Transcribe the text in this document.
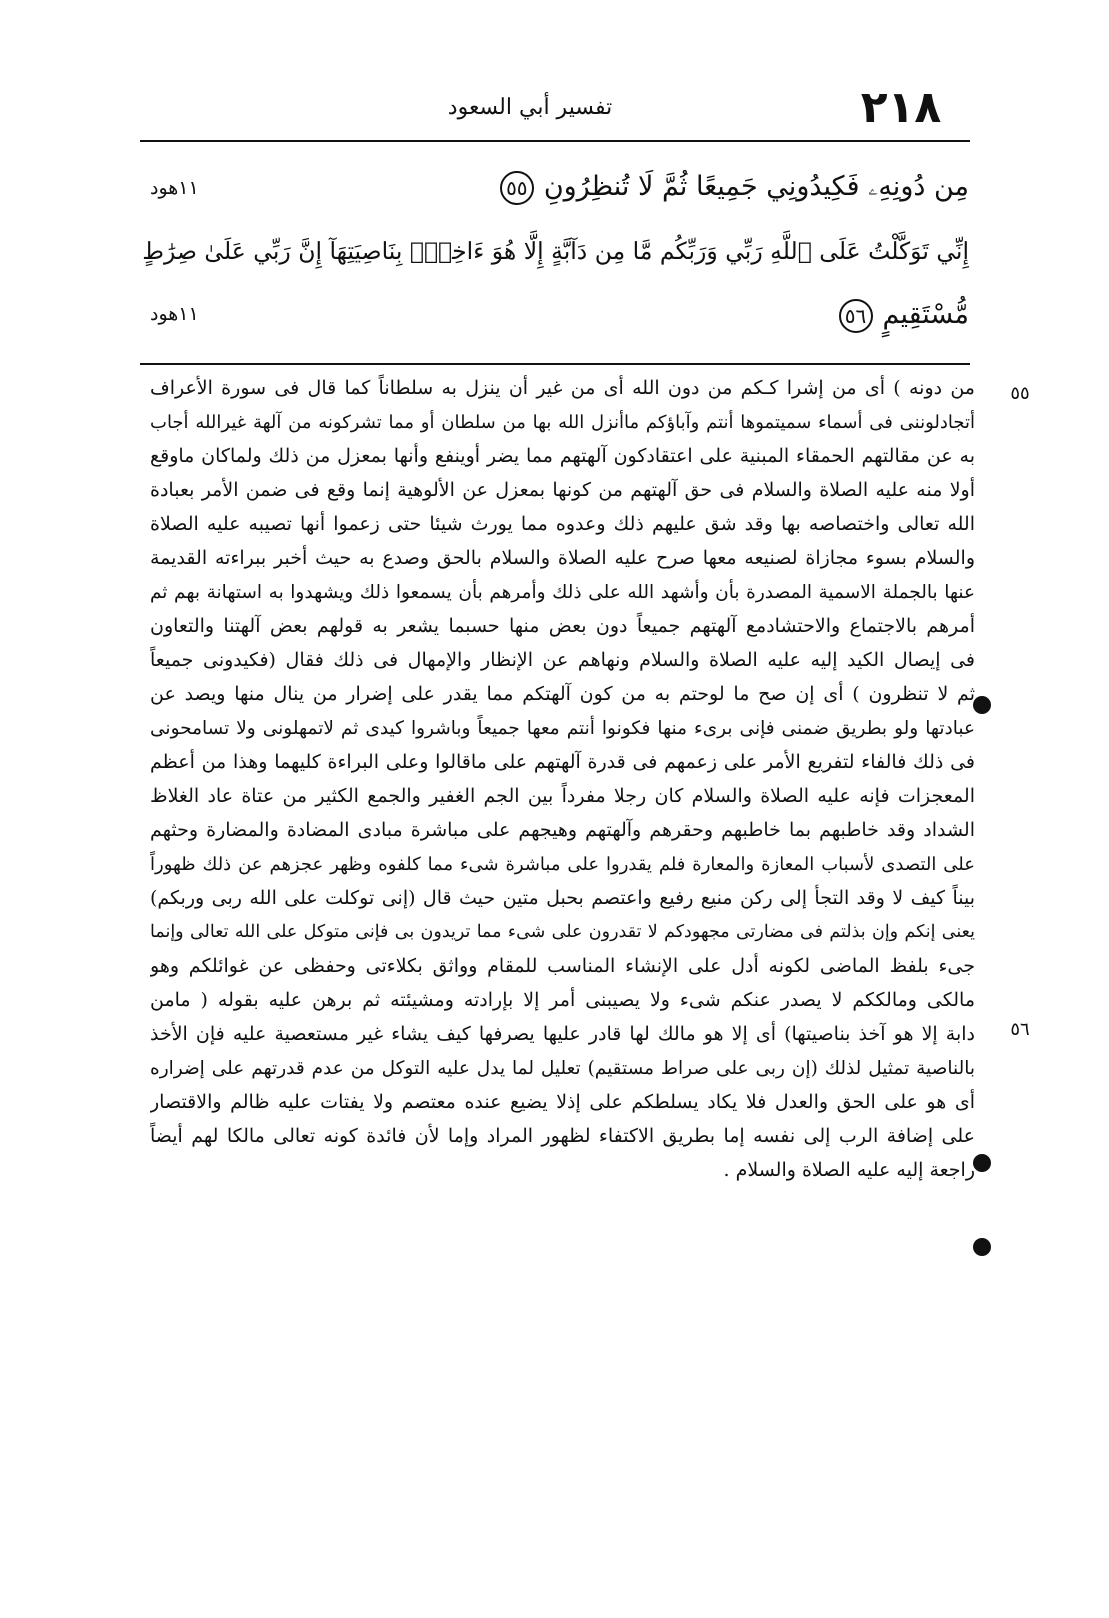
٢١٨
تفسير أبي السعود
مِن دُونِهِۦ فَكِيدُونِي جَمِيعًا ثُمَّ لَا تُنظِرُونِ٥٥
١١هود
إِنِّي تَوَكَّلْتُ عَلَى ٱللَّهِ رَبِّي وَرَبِّكُم مَّا مِن دَآبَّةٍ إِلَّا هُوَ ءَاخِذٌۢ بِنَاصِيَتِهَآ إِنَّ رَبِّي عَلَىٰ صِرَٰطٍ
مُّسْتَقِيمٍ٥٦
١١هود
٥٥
٥٦
من دونه ) أى من إشرا كـكم من دون الله أى من غير أن ينزل به سلطاناً كما قال فى سورة الأعراف
أتجادلوننى فى أسماء سميتموها أنتم وآباؤكم ماأنزل الله بها من سلطان أو مما تشركونه من آلهة غيرالله أجاب
به عن مقالتهم الحمقاء المبنية على اعتقادكون آلهتهم مما يضر أوينفع وأنها بمعزل من ذلك ولماكان ماوقع
أولا منه عليه الصلاة والسلام فى حق آلهتهم من كونها بمعزل عن الألوهية إنما وقع فى ضمن الأمر بعبادة
الله تعالى واختصاصه بها وقد شق عليهم ذلك وعدوه مما يورث شيئا حتى زعموا أنها تصيبه عليه الصلاة
والسلام بسوء مجازاة لصنيعه معها صرح عليه الصلاة والسلام بالحق وصدع به حيث أخبر ببراءته القديمة
عنها بالجملة الاسمية المصدرة بأن وأشهد الله على ذلك وأمرهم بأن يسمعوا ذلك ويشهدوا به استهانة بهم ثم
أمرهم بالاجتماع والاحتشادمع آلهتهم جميعاً دون بعض منها حسبما يشعر به قولهم بعض آلهتنا والتعاون
فى إيصال الكيد إليه عليه الصلاة والسلام ونهاهم عن الإنظار والإمهال فى ذلك فقال (فكيدونى جميعاً
ثم لا تنظرون ) أى إن صح ما لوحتم به من كون آلهتكم مما يقدر على إضرار من ينال منها ويصد عن
عبادتها ولو بطريق ضمنى فإنى برىء منها فكونوا أنتم معها جميعاً وباشروا كيدى ثم لاتمهلونى ولا تسامحونى
فى ذلك فالفاء لتفريع الأمر على زعمهم فى قدرة آلهتهم على ماقالوا وعلى البراءة كليهما وهذا من أعظم
المعجزات فإنه عليه الصلاة والسلام كان رجلا مفرداً بين الجم الغفير والجمع الكثير من عتاة عاد الغلاظ
الشداد وقد خاطبهم بما خاطبهم وحقرهم وآلهتهم وهيجهم على مباشرة مبادى المضادة والمضارة وحثهم
على التصدى لأسباب المعازة والمعارة فلم يقدروا على مباشرة شىء مما كلفوه وظهر عجزهم عن ذلك ظهوراً
بيناً كيف لا وقد التجأ إلى ركن منيع رفيع واعتصم بحبل متين حيث قال (إنى توكلت على الله ربى وربكم)
يعنى إنكم وإن بذلتم فى مضارتى مجهودكم لا تقدرون على شىء مما تريدون بى فإنى متوكل على الله تعالى وإنما
جىء بلفظ الماضى لكونه أدل على الإنشاء المناسب للمقام وواثق بكلاءتى وحفظى عن غوائلكم وهو
مالكى ومالككم لا يصدر عنكم شىء ولا يصيبنى أمر إلا بإرادته ومشيئته ثم برهن عليه بقوله ( مامن
دابة إلا هو آخذ بناصيتها) أى إلا هو مالك لها قادر عليها يصرفها كيف يشاء غير مستعصية عليه فإن الأخذ
بالناصية تمثيل لذلك (إن ربى على صراط مستقيم) تعليل لما يدل عليه التوكل من عدم قدرتهم على إضراره
أى هو على الحق والعدل فلا يكاد يسلطكم على إذلا يضيع عنده معتصم ولا يفتات عليه ظالم والاقتصار
على إضافة الرب إلى نفسه إما بطريق الاكتفاء لظهور المراد وإما لأن فائدة كونه تعالى مالكا لهم أيضاً
راجعة إليه عليه الصلاة والسلام .
